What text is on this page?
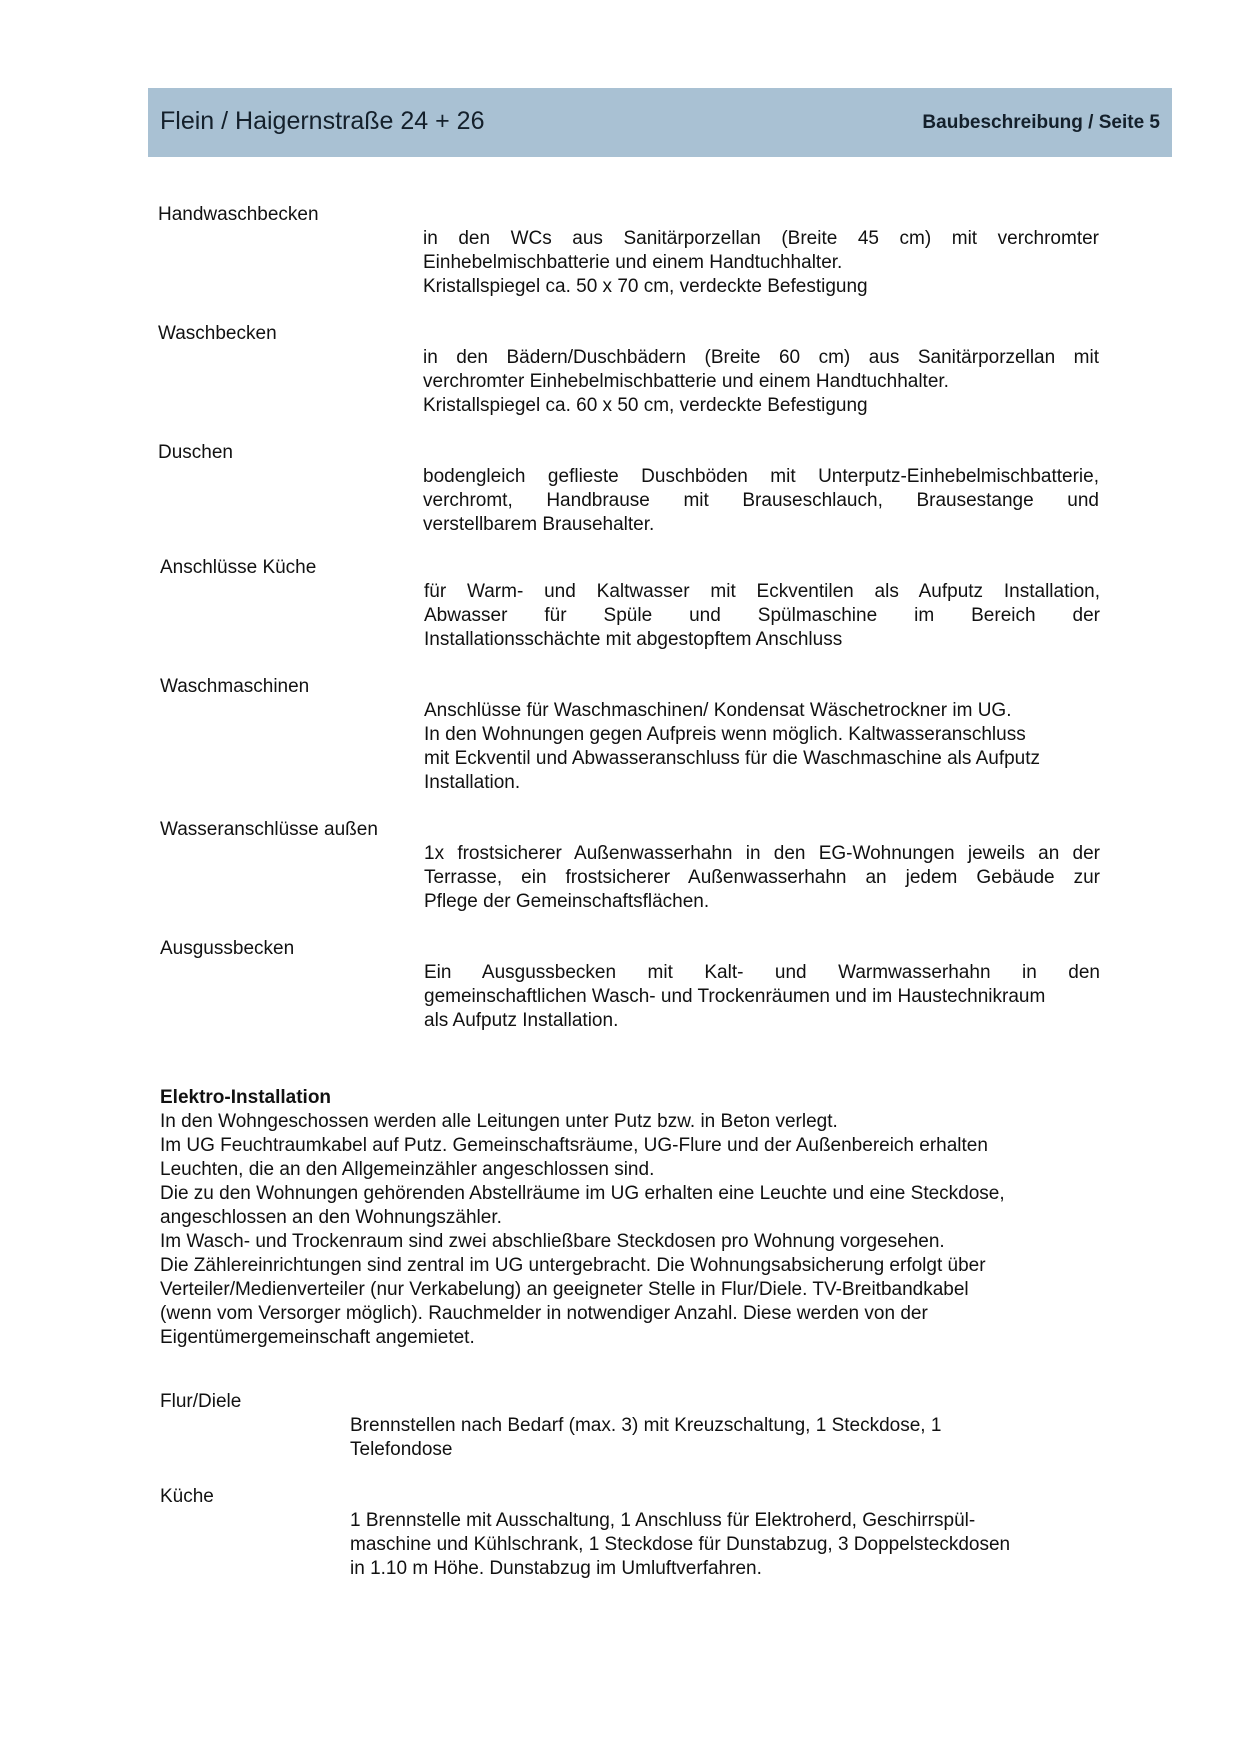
Flein / Haigernstraße 24 + 26	Baubeschreibung / Seite 5
Handwaschbecken
in den WCs aus Sanitärporzellan (Breite 45 cm) mit verchromter
Einhebelmischbatterie und einem Handtuchhalter.
Kristallspiegel ca. 50 x 70 cm, verdeckte Befestigung
Waschbecken
in den Bädern/Duschbädern (Breite 60 cm) aus Sanitärporzellan mit
verchromter Einhebelmischbatterie und einem Handtuchhalter.
Kristallspiegel ca. 60 x 50 cm, verdeckte Befestigung
Duschen
bodengleich geflieste Duschböden mit Unterputz-Einhebelmischbatterie,
verchromt, Handbrause mit Brauseschlauch, Brausestange und
verstellbarem Brausehalter.
Anschlüsse Küche
für Warm- und Kaltwasser mit Eckventilen als Aufputz Installation,
Abwasser für Spüle und Spülmaschine im Bereich der
Installationsschächte mit abgestopftem Anschluss
Waschmaschinen
Anschlüsse für Waschmaschinen/ Kondensat Wäschetrockner im UG.
In den Wohnungen gegen Aufpreis wenn möglich. Kaltwasseranschluss
mit Eckventil und Abwasseranschluss für die Waschmaschine als Aufputz
Installation.
Wasseranschlüsse außen
1x frostsicherer Außenwasserhahn in den EG-Wohnungen jeweils an der
Terrasse, ein frostsicherer Außenwasserhahn an jedem Gebäude zur
Pflege der Gemeinschaftsflächen.
Ausgussbecken
Ein Ausgussbecken mit Kalt- und Warmwasserhahn in den
gemeinschaftlichen Wasch- und Trockenräumen und im Haustechnikraum
als Aufputz Installation.
Elektro-Installation
In den Wohngeschossen werden alle Leitungen unter Putz bzw. in Beton verlegt.
Im UG Feuchtraumkabel auf Putz. Gemeinschaftsräume, UG-Flure und der Außenbereich erhalten
Leuchten, die an den Allgemeinzähler angeschlossen sind.
Die zu den Wohnungen gehörenden Abstellräume im UG erhalten eine Leuchte und eine Steckdose,
angeschlossen an den Wohnungszähler.
Im Wasch- und Trockenraum sind zwei abschließbare Steckdosen pro Wohnung vorgesehen.
Die Zählereinrichtungen sind zentral im UG untergebracht. Die Wohnungsabsicherung erfolgt über
Verteiler/Medienverteiler (nur Verkabelung) an geeigneter Stelle in Flur/Diele. TV-Breitbandkabel
(wenn vom Versorger möglich). Rauchmelder in notwendiger Anzahl. Diese werden von der
Eigentümergemeinschaft angemietet.
Flur/Diele
Brennstellen nach Bedarf (max. 3) mit Kreuzschaltung, 1 Steckdose, 1
Telefondose
Küche
1 Brennstelle mit Ausschaltung, 1 Anschluss für Elektroherd, Geschirrspül-
maschine und Kühlschrank, 1 Steckdose für Dunstabzug, 3 Doppelsteckdosen
in 1.10 m Höhe. Dunstabzug im Umluftverfahren.
